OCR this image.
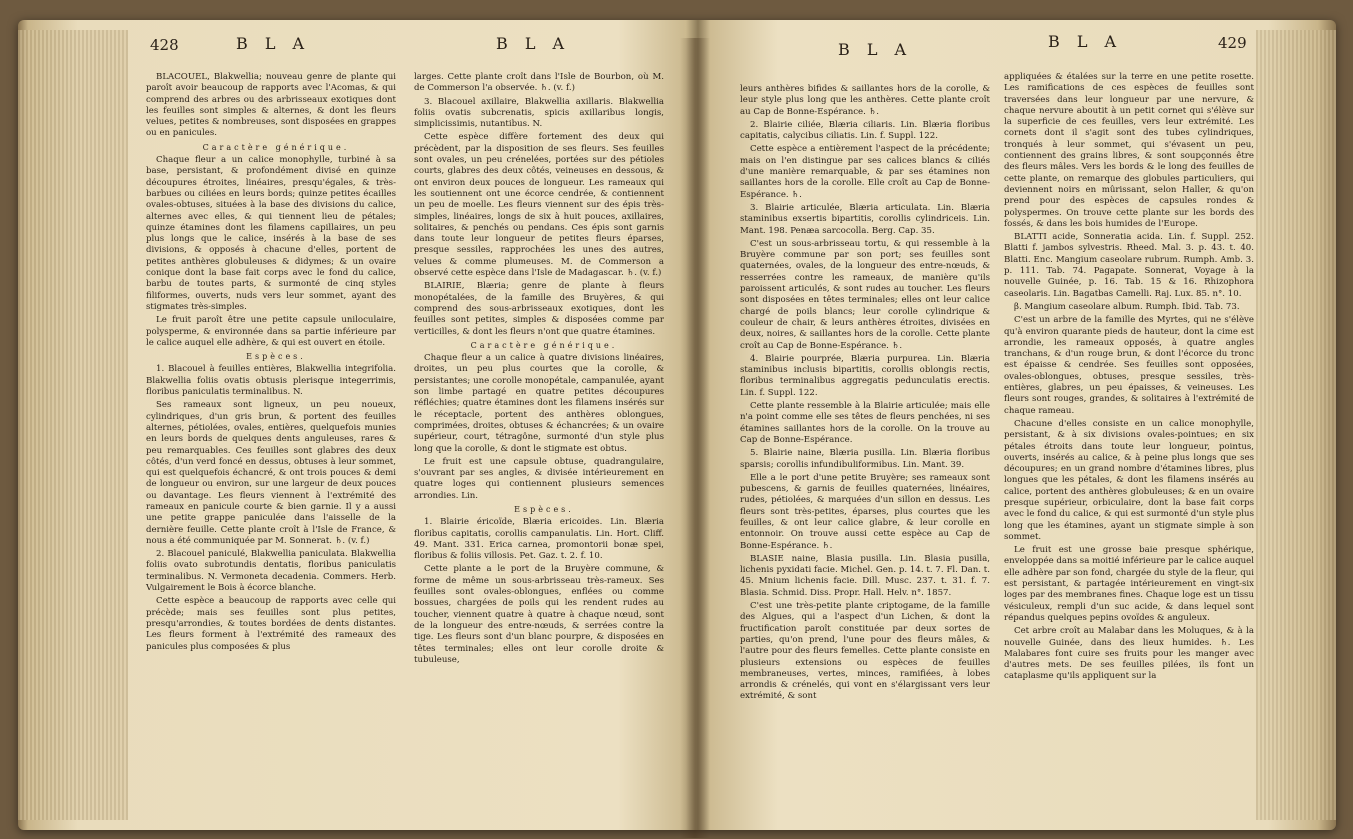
428	B L A	B L A

BLACOUEL, Blakwellia; nouveau genre de plante qui paroît avoir beaucoup de rapports avec l'Acomas, & qui comprend des arbres ou des arbrisseaux exotiques dont les feuilles sont simples & alternes, & dont les fleurs velues, petites & nombreuses, sont disposées en grappes ou en panicules.

Caractère générique.

Chaque fleur a un calice monophylle, turbiné à sa base, persistant, & profondément divisé en quinze découpures étroites, linéaires, presqu'égales, & très-barbues ou ciliées en leurs bords; quinze petites écailles ovales-obtuses, situées à la base des divisions du calice, alternes avec elles, & qui tiennent lieu de pétales; quinze étamines dont les filamens capillaires, un peu plus longs que le calice, insérés à la base de ses divisions, & opposés à chacune d'elles, portent de petites anthères globuleuses & didymes; & un ovaire conique dont la base fait corps avec le fond du calice, barbu de toutes parts, & surmonté de cinq styles filiformes, ouverts, nuds vers leur sommet, ayant des stigmates très-simples.

Le fruit paroît être une petite capsule uniloculaire, polysperme, & environnée dans sa partie inférieure par le calice auquel elle adhère, & qui est ouvert en étoile.

Espèces.

1. Blacouel à feuilles entières, Blakwellia integrifolia. Blakwellia foliis ovatis obtusis plerisque integerrimis, floribus paniculatis terminalibus. N.

Ses rameaux sont ligneux, un peu noueux, cylindriques, d'un gris brun, & portent des feuilles alternes, pétiolées, ovales, entières, quelquefois munies en leurs bords de quelques dents anguleuses, rares & peu remarquables. Ces feuilles sont glabres des deux côtés, d'un verd foncé en dessus, obtuses à leur sommet, qui est quelquefois échancré, & ont trois pouces & demi de longueur ou environ, sur une largeur de deux pouces ou davantage. Les fleurs viennent à l'extrémité des rameaux en panicule courte & bien garnie. Il y a aussi une petite grappe paniculée dans l'aisselle de la dernière feuille. Cette plante croît à l'Isle de France, & nous a été communiquée par M. Sonnerat. ♄. (v. f.)

2. Blacouel paniculé, Blakwellia paniculata. Blakwellia foliis ovato subrotundis dentatis, floribus paniculatis terminalibus. N. Vermoneta decadenia. Commers. Herb. Vulgairement le Bois à écorce blanche.

Cette espèce a beaucoup de rapports avec celle qui précède; mais ses feuilles sont plus petites, presqu'arrondies, & toutes bordées de dents distantes. Les fleurs forment à l'extrémité des rameaux des panicules plus composées & plus

larges. Cette plante croît dans l'Isle de Bourbon, où M. de Commerson l'a observée. ♄. (v. f.)

3. Blacouel axillaire, Blakwellia axillaris. Blakwellia foliis ovatis subcrenatis, spicis axillaribus longis, simplicissimis, nutantibus. N.

Cette espèce diffère fortement des deux qui précèdent, par la disposition de ses fleurs. Ses feuilles sont ovales, un peu crénelées, portées sur des pétioles courts, glabres des deux côtés, veineuses en dessous, & ont environ deux pouces de longueur. Les rameaux qui les soutiennent ont une écorce cendrée, & contiennent un peu de moelle. Les fleurs viennent sur des épis très-simples, linéaires, longs de six à huit pouces, axillaires, solitaires, & penchés ou pendans. Ces épis sont garnis dans toute leur longueur de petites fleurs éparses, presque sessiles, rapprochées les unes des autres, velues & comme plumeuses. M. de Commerson a observé cette espèce dans l'Isle de Madagascar. ♄. (v. f.)

BLAIRIE, Blæria; genre de plante à fleurs monopétalées, de la famille des Bruyères, & qui comprend des sous-arbrisseaux exotiques, dont les feuilles sont petites, simples & disposées comme par verticilles, & dont les fleurs n'ont que quatre étamines.

Caractère générique.

Chaque fleur a un calice à quatre divisions linéaires, droites, un peu plus courtes que la corolle, & persistantes; une corolle monopétale, campanulée, ayant son limbe partagé en quatre petites découpures réfléchies; quatre étamines dont les filamens insérés sur le réceptacle, portent des anthères oblongues, comprimées, droites, obtuses & échancrées; & un ovaire supérieur, court, tétragône, surmonté d'un style plus long que la corolle, & dont le stigmate est obtus.

Le fruit est une capsule obtuse, quadrangulaire, s'ouvrant par ses angles, & divisée intérieurement en quatre loges qui contiennent plusieurs semences arrondies. Lin.

Espèces.

1. Blairie éricoïde, Blæria ericoides. Lin. Blæria floribus capitatis, corollis campanulatis. Lin. Hort. Cliff. 49. Mant. 331. Erica carnea, promontorii bonæ spei, floribus & foliis villosis. Pet. Gaz. t. 2. f. 10.

Cette plante a le port de la Bruyère commune, & forme de même un sous-arbrisseau très-rameux. Ses feuilles sont ovales-oblongues, enflées ou comme bossues, chargées de poils qui les rendent rudes au toucher, viennent quatre à quatre à chaque nœud, sont de la longueur des entre-nœuds, & serrées contre la tige. Les fleurs sont d'un blanc pourpre, & disposées en têtes terminales; elles ont leur corolle droite & tubuleuse,

B L A	B L A	429

leurs anthères bifides & saillantes hors de la corolle, & leur style plus long que les anthères. Cette plante croît au Cap de Bonne-Espérance. ♄.

2. Blairie ciliée, Blæria ciliaris. Lin. Blæria floribus capitatis, calycibus ciliatis. Lin. f. Suppl. 122.

Cette espèce a entièrement l'aspect de la précédente; mais on l'en distingue par ses calices blancs & ciliés d'une manière remarquable, & par ses étamines non saillantes hors de la corolle. Elle croît au Cap de Bonne-Espérance. ♄.

3. Blairie articulée, Blæria articulata. Lin. Blæria staminibus exsertis bipartitis, corollis cylindriceis. Lin. Mant. 198. Penæa sarcocolla. Berg. Cap. 35.

C'est un sous-arbrisseau tortu, & qui ressemble à la Bruyère commune par son port; ses feuilles sont quaternées, ovales, de la longueur des entre-nœuds, & resserrées contre les rameaux, de manière qu'ils paroissent articulés, & sont rudes au toucher. Les fleurs sont disposées en têtes terminales; elles ont leur calice chargé de poils blancs; leur corolle cylindrique & couleur de chair, & leurs anthères étroites, divisées en deux, noires, & saillantes hors de la corolle. Cette plante croît au Cap de Bonne-Espérance. ♄.

4. Blairie pourprée, Blæria purpurea. Lin. Blæria staminibus inclusis bipartitis, corollis oblongis rectis, floribus terminalibus aggregatis pedunculatis erectis. Lin. f. Suppl. 122.

Cette plante ressemble à la Blairie articulée; mais elle n'a point comme elle ses têtes de fleurs penchées, ni ses étamines saillantes hors de la corolle. On la trouve au Cap de Bonne-Espérance.

5. Blairie naine, Blæria pusilla. Lin. Blæria floribus sparsis; corollis infundibuliformibus. Lin. Mant. 39.

Elle a le port d'une petite Bruyère; ses rameaux sont pubescens, & garnis de feuilles quaternées, linéaires, rudes, pétiolées, & marquées d'un sillon en dessus. Les fleurs sont très-petites, éparses, plus courtes que les feuilles, & ont leur calice glabre, & leur corolle en entonnoir. On trouve aussi cette espèce au Cap de Bonne-Espérance. ♄.

BLASIE naine, Blasia pusilla. Lin. Blasia pusilla, lichenis pyxidati facie. Michel. Gen. p. 14. t. 7. Fl. Dan. t. 45. Mnium lichenis facie. Dill. Musc. 237. t. 31. f. 7. Blasia. Schmid. Diss. Propr. Hall. Helv. n°. 1857.

C'est une très-petite plante criptogame, de la famille des Algues, qui a l'aspect d'un Lichen, & dont la fructification paroît constituée par deux sortes de parties, qu'on prend, l'une pour des fleurs mâles, & l'autre pour des fleurs femelles. Cette plante consiste en plusieurs extensions ou espèces de feuilles membraneuses, vertes, minces, ramifiées, à lobes arrondis & crénelés, qui vont en s'élargissant vers leur extrémité, & sont

appliquées & étalées sur la terre en une petite rosette. Les ramifications de ces espèces de feuilles sont traversées dans leur longueur par une nervure, & chaque nervure aboutit à un petit cornet qui s'élève sur la superficie de ces feuilles, vers leur extrémité. Les cornets dont il s'agit sont des tubes cylindriques, tronqués à leur sommet, qui s'évasent un peu, contiennent des grains libres, & sont soupçonnés être des fleurs mâles. Vers les bords & le long des feuilles de cette plante, on remarque des globules particuliers, qui deviennent noirs en mûrissant, selon Haller, & qu'on prend pour des espèces de capsules rondes & polyspermes. On trouve cette plante sur les bords des fossés, & dans les bois humides de l'Europe.

BLATTI acide, Sonneratia acida. Lin. f. Suppl. 252. Blatti f. jambos sylvestris. Rheed. Mal. 3. p. 43. t. 40. Blatti. Enc. Mangium caseolare rubrum. Rumph. Amb. 3. p. 111. Tab. 74. Pagapate. Sonnerat, Voyage à la nouvelle Guinée, p. 16. Tab. 15 & 16. Rhizophora caseolaris. Lin. Bagatbas Camelli. Raj. Lux. 85. n°. 10.

β. Mangium caseolare album. Rumph. Ibid. Tab. 73.

C'est un arbre de la famille des Myrtes, qui ne s'élève qu'à environ quarante pieds de hauteur, dont la cime est arrondie, les rameaux opposés, à quatre angles tranchans, & d'un rouge brun, & dont l'écorce du tronc est épaisse & cendrée. Ses feuilles sont opposées, ovales-oblongues, obtuses, presque sessiles, très-entières, glabres, un peu épaisses, & veineuses. Les fleurs sont rouges, grandes, & solitaires à l'extrémité de chaque rameau.

Chacune d'elles consiste en un calice monophylle, persistant, & à six divisions ovales-pointues; en six pétales étroits dans toute leur longueur, pointus, ouverts, insérés au calice, & à peine plus longs que ses découpures; en un grand nombre d'étamines libres, plus longues que les pétales, & dont les filamens insérés au calice, portent des anthères globuleuses; & en un ovaire presque supérieur, orbiculaire, dont la base fait corps avec le fond du calice, & qui est surmonté d'un style plus long que les étamines, ayant un stigmate simple à son sommet.

Le fruit est une grosse baie presque sphérique, enveloppée dans sa moitié inférieure par le calice auquel elle adhère par son fond, chargée du style de la fleur, qui est persistant, & partagée intérieurement en vingt-six loges par des membranes fines. Chaque loge est un tissu vésiculeux, rempli d'un suc acide, & dans lequel sont répandus quelques pepins ovoïdes & anguleux.

Cet arbre croît au Malabar dans les Moluques, & à la nouvelle Guinée, dans des lieux humides. ♄. Les Malabares font cuire ses fruits pour les manger avec d'autres mets. De ses feuilles pilées, ils font un cataplasme qu'ils appliquent sur la
